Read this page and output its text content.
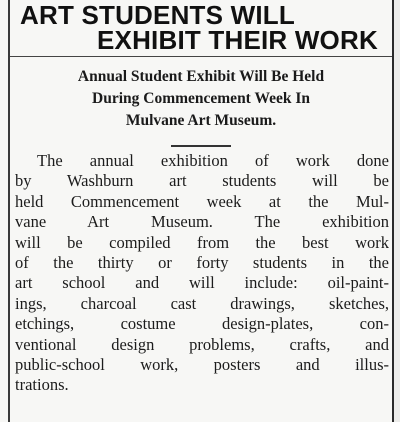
ART STUDENTS WILL
EXHIBIT THEIR WORK

Annual Student Exhibit Will Be Held

During Commencement Week In

Mulvane Art Museum.

The annual exhibition of work done
by Washburn art students will be
held Commencement week at the Mul-
vane Art Museum. The exhibition
will be compiled from the best work
of the thirty or forty students in the
art school and will include: oil-paint-
ings, charcoal cast drawings, sketches,
etchings, costume design-plates, con-
ventional design problems, crafts, and
public-school work, posters and illus-
trations.
